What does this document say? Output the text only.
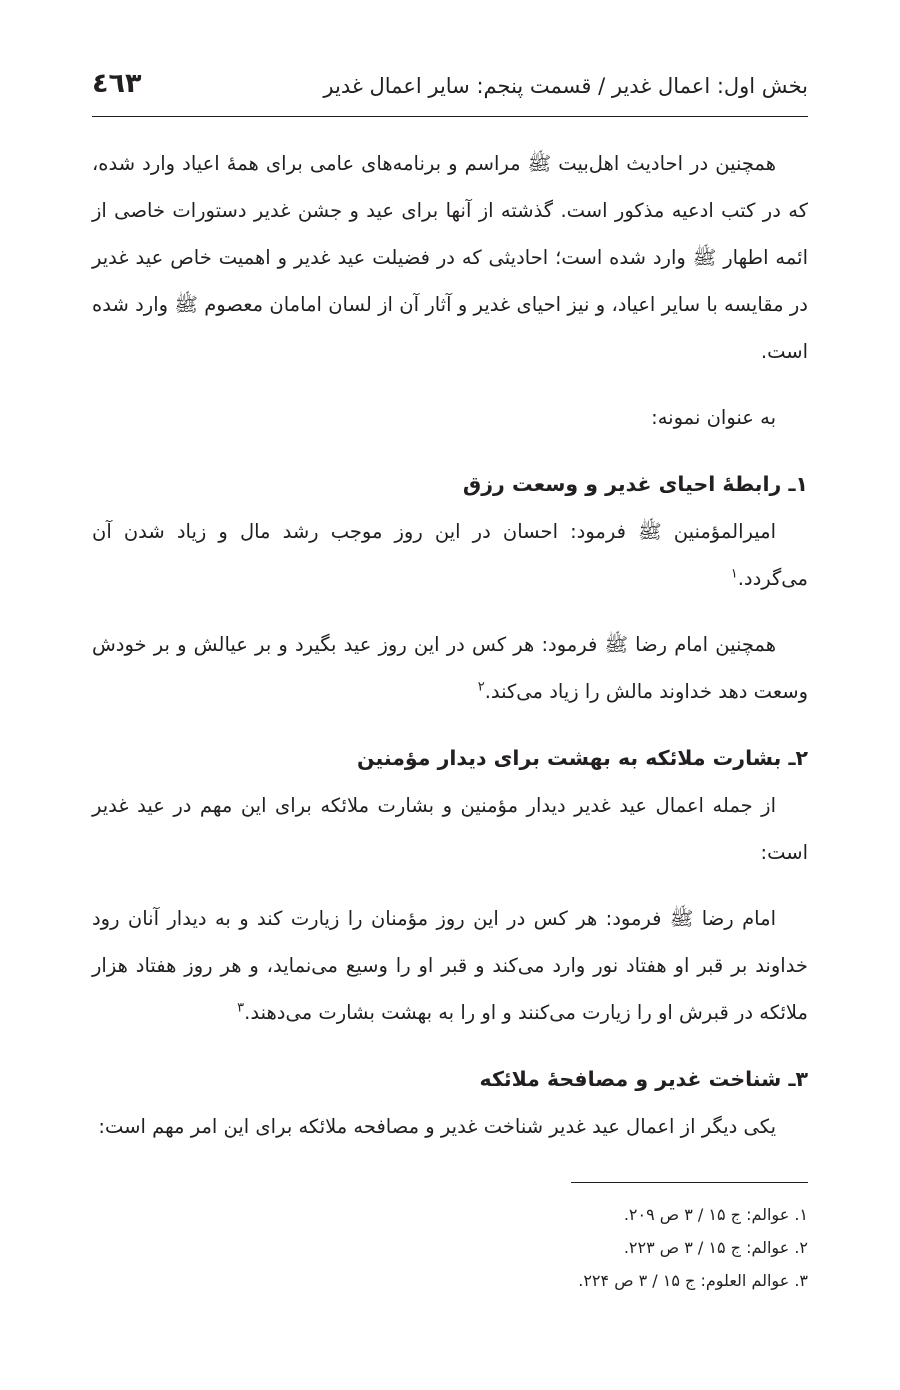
بخش اول: اعمال غدیر / قسمت پنجم: سایر اعمال غدیر
٤٦٣

همچنین در احادیث اهل‌بیت ﷺ مراسم و برنامه‌های عامی برای همهٔ اعیاد وارد شده، که در کتب ادعیه مذکور است. گذشته از آنها برای عید و جشن غدیر دستورات خاصی از ائمه اطهار ﷺ وارد شده است؛ احادیثی که در فضیلت عید غدیر و اهمیت خاص عید غدیر در مقایسه با سایر اعیاد، و نیز احیای غدیر و آثار آن از لسان امامان معصوم ﷺ وارد شده است.

به عنوان نمونه:

۱ـ رابطهٔ احیای غدیر و وسعت رزق

امیرالمؤمنین ﷺ فرمود: احسان در این روز موجب رشد مال و زیاد شدن آن می‌گردد.$^۱$

همچنین امام رضا ﷺ فرمود: هر کس در این روز عید بگیرد و بر عیالش و بر خودش وسعت دهد خداوند مالش را زیاد می‌کند.$^۲$

۲ـ بشارت ملائکه به بهشت برای دیدار مؤمنین

از جمله اعمال عید غدیر دیدار مؤمنین و بشارت ملائکه برای این مهم در عید غدیر است:

امام رضا ﷺ فرمود: هر کس در این روز مؤمنان را زیارت کند و به دیدار آنان رود خداوند بر قبر او هفتاد نور وارد می‌کند و قبر او را وسیع می‌نماید، و هر روز هفتاد هزار ملائکه در قبرش او را زیارت می‌کنند و او را به بهشت بشارت می‌دهند.$^۳$

۳ـ شناخت غدیر و مصافحهٔ ملائکه

یکی دیگر از اعمال عید غدیر شناخت غدیر و مصافحه ملائکه برای این امر مهم است:

۱. عوالم: ج ۱۵ / ۳ ص ۲۰۹.
۲. عوالم: ج ۱۵ / ۳ ص ۲۲۳.
۳. عوالم العلوم: ج ۱۵ / ۳ ص ۲۲۴.
